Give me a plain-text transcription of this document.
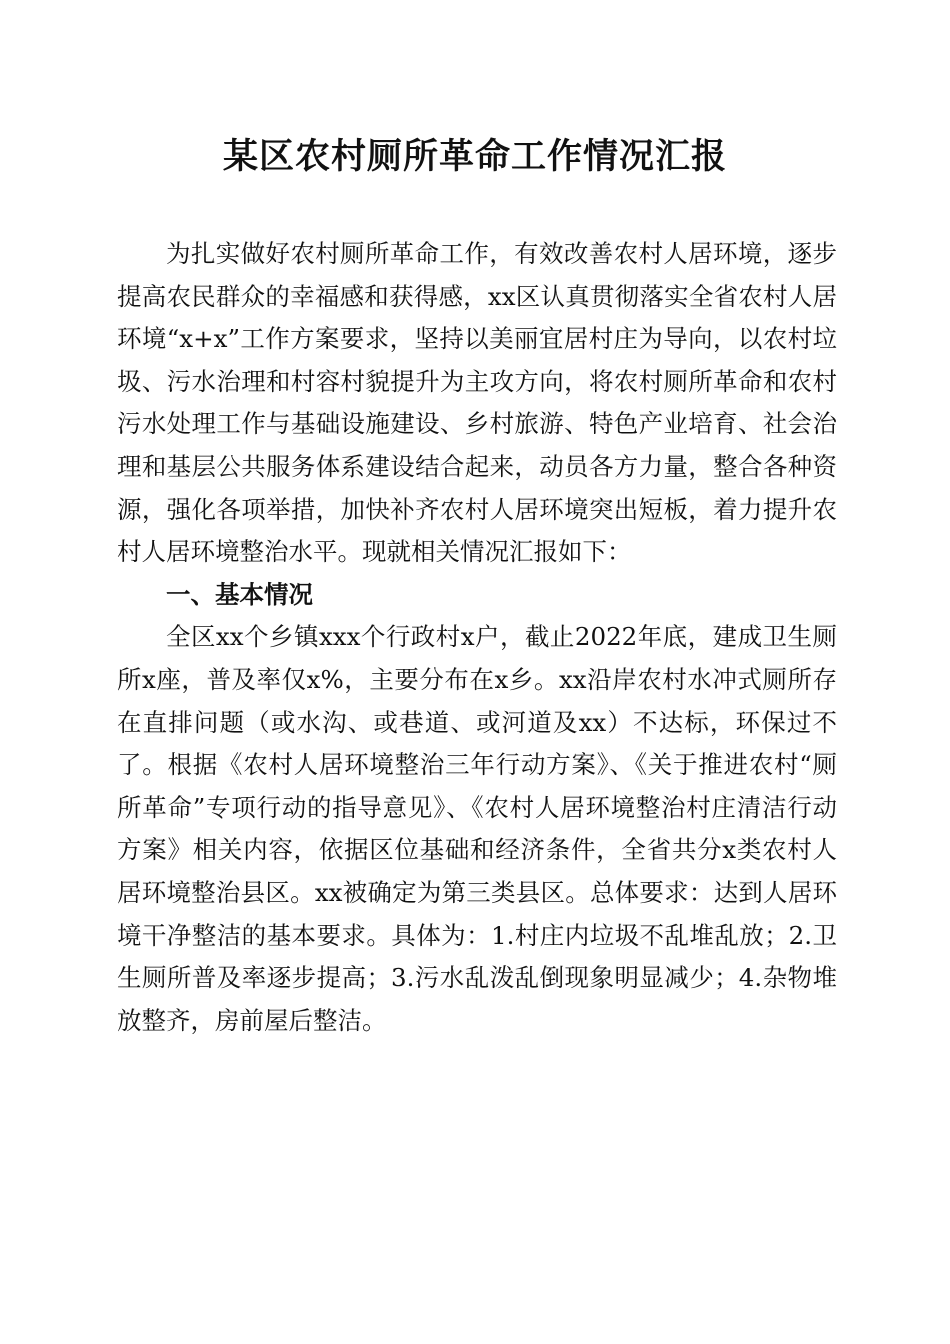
某区农村厕所革命工作情况汇报

为扎实做好农村厕所革命工作，有效改善农村人居环境，逐步提高农民群众的幸福感和获得感，xx区认真贯彻落实全省农村人居环境“x+x”工作方案要求，坚持以美丽宜居村庄为导向，以农村垃圾、污水治理和村容村貌提升为主攻方向，将农村厕所革命和农村污水处理工作与基础设施建设、乡村旅游、特色产业培育、社会治理和基层公共服务体系建设结合起来，动员各方力量，整合各种资源，强化各项举措，加快补齐农村人居环境突出短板，着力提升农村人居环境整治水平。现就相关情况汇报如下：

一、基本情况

全区xx个乡镇xxx个行政村x户，截止2022年底，建成卫生厕所x座，普及率仅x%，主要分布在x乡。xx沿岸农村水冲式厕所存在直排问题（或水沟、或巷道、或河道及xx）不达标，环保过不了。根据《农村人居环境整治三年行动方案》、《关于推进农村“厕所革命”专项行动的指导意见》、《农村人居环境整治村庄清洁行动方案》相关内容，依据区位基础和经济条件，全省共分x类农村人居环境整治县区。xx被确定为第三类县区。总体要求：达到人居环境干净整洁的基本要求。具体为：1.村庄内垃圾不乱堆乱放；2.卫生厕所普及率逐步提高；3.污水乱泼乱倒现象明显减少；4.杂物堆放整齐，房前屋后整洁。
